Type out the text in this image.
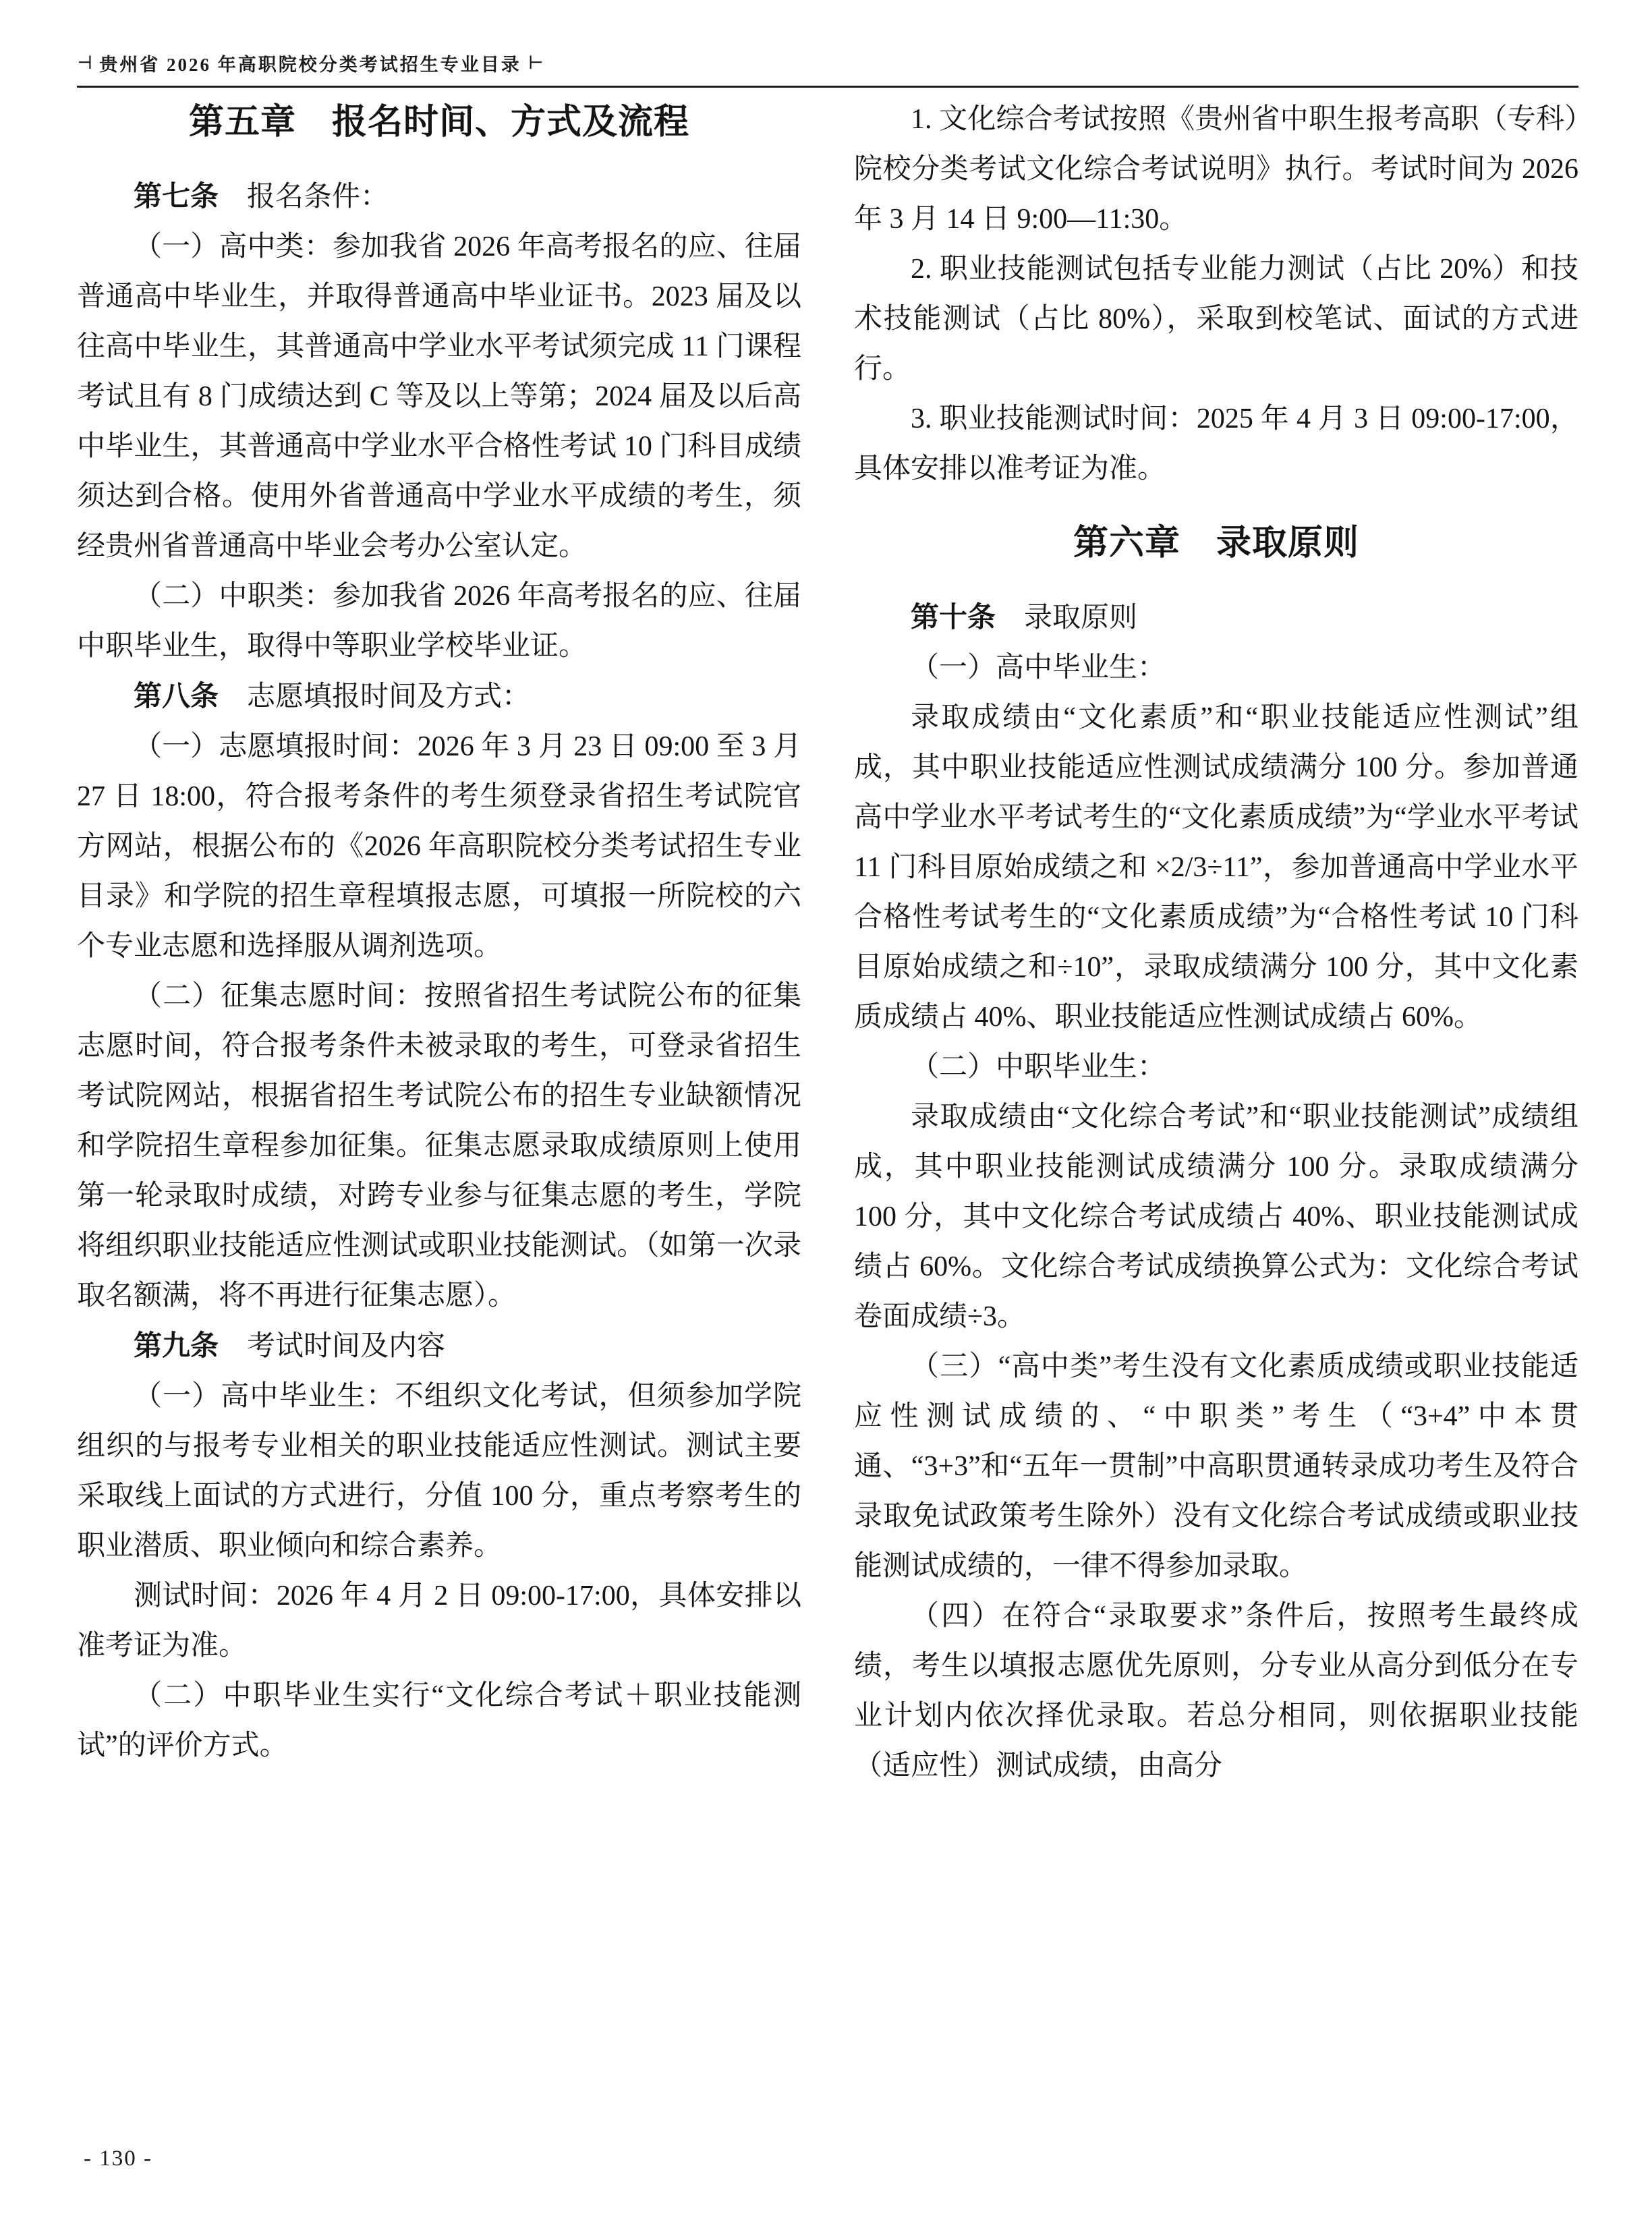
⊣ 贵州省 2026 年高职院校分类考试招生专业目录 ⊢
第五章　报名时间、方式及流程

第七条　报名条件：

（一）高中类：参加我省 2026 年高考报名的应、往届普通高中毕业生，并取得普通高中毕业证书。2023 届及以往高中毕业生，其普通高中学业水平考试须完成 11 门课程考试且有 8 门成绩达到 C 等及以上等第；2024 届及以后高中毕业生，其普通高中学业水平合格性考试 10 门科目成绩须达到合格。使用外省普通高中学业水平成绩的考生，须经贵州省普通高中毕业会考办公室认定。

（二）中职类：参加我省 2026 年高考报名的应、往届中职毕业生，取得中等职业学校毕业证。

第八条　志愿填报时间及方式：

（一）志愿填报时间：2026 年 3 月 23 日 09:00 至 3 月 27 日 18:00，符合报考条件的考生须登录省招生考试院官方网站，根据公布的《2026 年高职院校分类考试招生专业目录》和学院的招生章程填报志愿，可填报一所院校的六个专业志愿和选择服从调剂选项。

（二）征集志愿时间：按照省招生考试院公布的征集志愿时间，符合报考条件未被录取的考生，可登录省招生考试院网站，根据省招生考试院公布的招生专业缺额情况和学院招生章程参加征集。征集志愿录取成绩原则上使用第一轮录取时成绩，对跨专业参与征集志愿的考生，学院将组织职业技能适应性测试或职业技能测试。（如第一次录取名额满，将不再进行征集志愿）。

第九条　考试时间及内容

（一）高中毕业生：不组织文化考试，但须参加学院组织的与报考专业相关的职业技能适应性测试。测试主要采取线上面试的方式进行，分值 100 分，重点考察考生的职业潜质、职业倾向和综合素养。

测试时间：2026 年 4 月 2 日 09:00-17:00，具体安排以准考证为准。

（二）中职毕业生实行“文化综合考试＋职业技能测试”的评价方式。

1. 文化综合考试按照《贵州省中职生报考高职（专科）院校分类考试文化综合考试说明》执行。考试时间为 2026 年 3 月 14 日 9:00—11:30。

2. 职业技能测试包括专业能力测试（占比 20%）和技术技能测试（占比 80%），采取到校笔试、面试的方式进行。

3. 职业技能测试时间：2025 年 4 月 3 日 09:00-17:00，具体安排以准考证为准。

第六章　录取原则

第十条　录取原则

（一）高中毕业生：

录取成绩由“文化素质”和“职业技能适应性测试”组成，其中职业技能适应性测试成绩满分 100 分。参加普通高中学业水平考试考生的“文化素质成绩”为“学业水平考试 11 门科目原始成绩之和 ×2/3÷11”，参加普通高中学业水平合格性考试考生的“文化素质成绩”为“合格性考试 10 门科目原始成绩之和÷10”，录取成绩满分 100 分，其中文化素质成绩占 40%、职业技能适应性测试成绩占 60%。

（二）中职毕业生：

录取成绩由“文化综合考试”和“职业技能测试”成绩组成，其中职业技能测试成绩满分 100 分。录取成绩满分 100 分，其中文化综合考试成绩占 40%、职业技能测试成绩占 60%。文化综合考试成绩换算公式为：文化综合考试卷面成绩÷3。

（三）“高中类”考生没有文化素质成绩或职业技能适应性测试成绩的、“中职类”考生（“3+4”中本贯通、“3+3”和“五年一贯制”中高职贯通转录成功考生及符合录取免试政策考生除外）没有文化综合考试成绩或职业技能测试成绩的，一律不得参加录取。

（四）在符合“录取要求”条件后，按照考生最终成绩，考生以填报志愿优先原则，分专业从高分到低分在专业计划内依次择优录取。若总分相同，则依据职业技能（适应性）测试成绩，由高分

- 130 -
